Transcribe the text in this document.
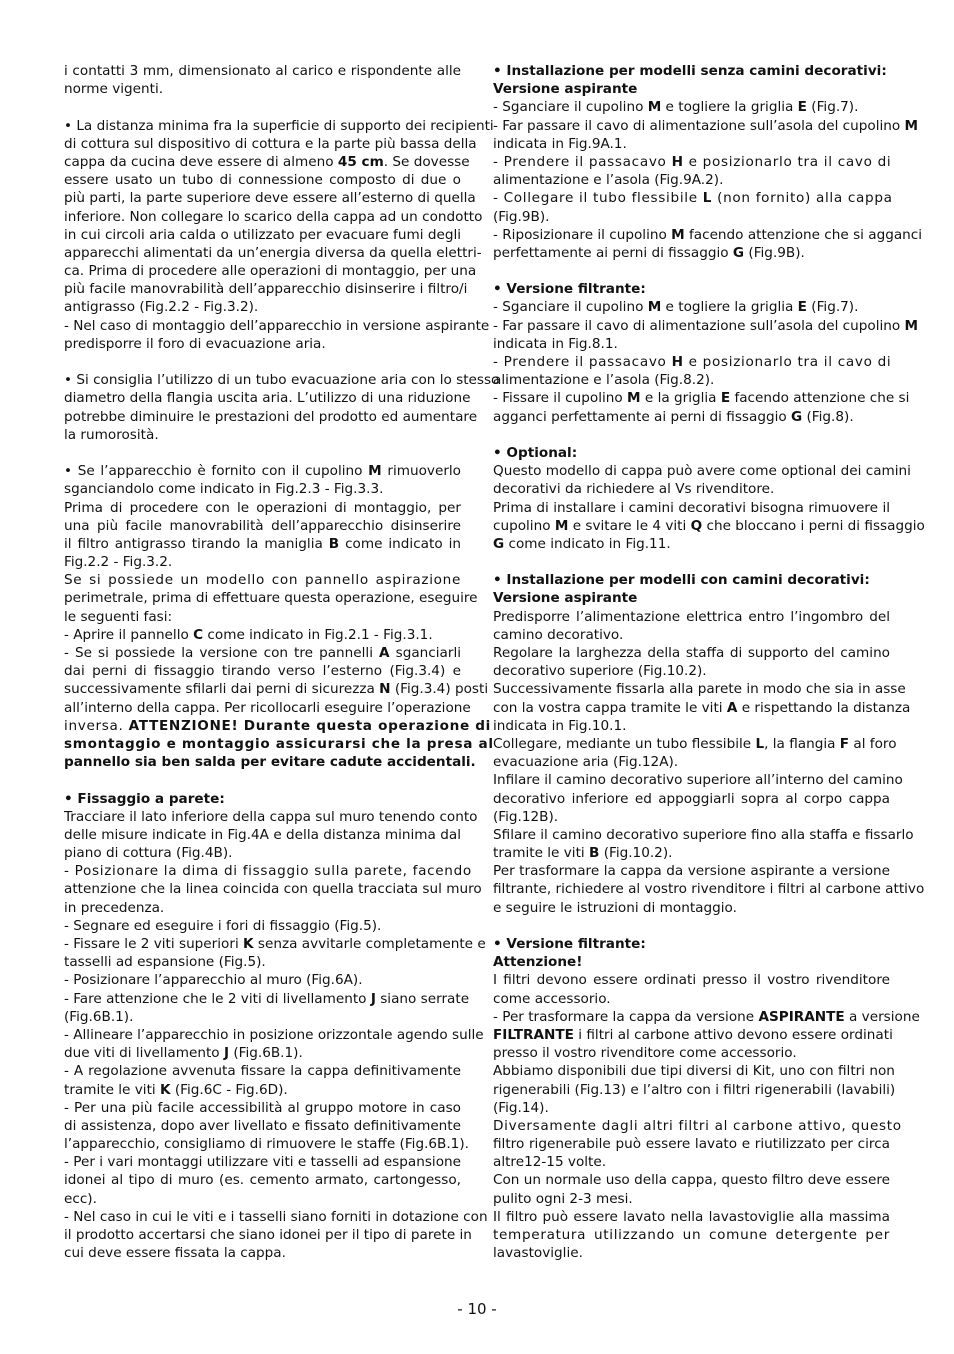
i contatti 3 mm, dimensionato al carico e rispondente alle
norme vigenti.
• La distanza minima fra la superficie di supporto dei recipienti
di cottura sul dispositivo di cottura e la parte più bassa della
cappa da cucina deve essere di almeno 45 cm. Se dovesse
essere usato un tubo di connessione composto di due o
più parti, la parte superiore deve essere all’esterno di quella
inferiore. Non collegare lo scarico della cappa ad un condotto
in cui circoli aria calda o utilizzato per evacuare fumi degli
apparecchi alimentati da un’energia diversa da quella elettri-
ca. Prima di procedere alle operazioni di montaggio, per una
più facile manovrabilità dell’apparecchio disinserire i filtro/i
antigrasso (Fig.2.2 - Fig.3.2).
- Nel caso di montaggio dell’apparecchio in versione aspirante
predisporre il foro di evacuazione aria.
• Si consiglia l’utilizzo di un tubo evacuazione aria con lo stesso
diametro della flangia uscita aria. L’utilizzo di una riduzione
potrebbe diminuire le prestazioni del prodotto ed aumentare
la rumorosità.
• Se l’apparecchio è fornito con il cupolino M rimuoverlo
sganciandolo come indicato in Fig.2.3 - Fig.3.3.
Prima di procedere con le operazioni di montaggio, per
una più facile manovrabilità dell’apparecchio disinserire
il filtro antigrasso tirando la maniglia B come indicato in
Fig.2.2 - Fig.3.2.
Se si possiede un modello con pannello aspirazione
perimetrale, prima di effettuare questa operazione, eseguire
le seguenti fasi:
- Aprire il pannello C come indicato in Fig.2.1 - Fig.3.1.
- Se si possiede la versione con tre pannelli A sganciarli
dai perni di fissaggio tirando verso l’esterno (Fig.3.4) e
successivamente sfilarli dai perni di sicurezza N (Fig.3.4) posti
all’interno della cappa. Per ricollocarli eseguire l’operazione
inversa. ATTENZIONE! Durante questa operazione di
smontaggio e montaggio assicurarsi che la presa al
pannello sia ben salda per evitare cadute accidentali.
• Fissaggio a parete:
Tracciare il lato inferiore della cappa sul muro tenendo conto
delle misure indicate in Fig.4A e della distanza minima dal
piano di cottura (Fig.4B).
- Posizionare la dima di fissaggio sulla parete, facendo
attenzione che la linea coincida con quella tracciata sul muro
in precedenza.
- Segnare ed eseguire i fori di fissaggio (Fig.5).
- Fissare le 2 viti superiori K senza avvitarle completamente e
tasselli ad espansione (Fig.5).
- Posizionare l’apparecchio al muro (Fig.6A).
- Fare attenzione che le 2 viti di livellamento J siano serrate
(Fig.6B.1).
- Allineare l’apparecchio in posizione orizzontale agendo sulle
due viti di livellamento J (Fig.6B.1).
- A regolazione avvenuta fissare la cappa definitivamente
tramite le viti K (Fig.6C - Fig.6D).
- Per una più facile accessibilità al gruppo motore in caso
di assistenza, dopo aver livellato e fissato definitivamente
l’apparecchio, consigliamo di rimuovere le staffe (Fig.6B.1).
- Per i vari montaggi utilizzare viti e tasselli ad espansione
idonei al tipo di muro (es. cemento armato, cartongesso,
ecc).
- Nel caso in cui le viti e i tasselli siano forniti in dotazione con
il prodotto accertarsi che siano idonei per il tipo di parete in
cui deve essere fissata la cappa.
• Installazione per modelli senza camini decorativi:
Versione aspirante
- Sganciare il cupolino M e togliere la griglia E (Fig.7).
- Far passare il cavo di alimentazione sull’asola del cupolino M
indicata in Fig.9A.1.
- Prendere il passacavo H e posizionarlo tra il cavo di
alimentazione e l’asola (Fig.9A.2).
- Collegare il tubo flessibile L (non fornito) alla cappa
(Fig.9B).
- Riposizionare il cupolino M facendo attenzione che si agganci
perfettamente ai perni di fissaggio G (Fig.9B).
• Versione filtrante:
- Sganciare il cupolino M e togliere la griglia E (Fig.7).
- Far passare il cavo di alimentazione sull’asola del cupolino M
indicata in Fig.8.1.
- Prendere il passacavo H e posizionarlo tra il cavo di
alimentazione e l’asola (Fig.8.2).
- Fissare il cupolino M e la griglia E facendo attenzione che si
agganci perfettamente ai perni di fissaggio G (Fig.8).
• Optional:
Questo modello di cappa può avere come optional dei camini
decorativi da richiedere al Vs rivenditore.
Prima di installare i camini decorativi bisogna rimuovere il
cupolino M e svitare le 4 viti Q che bloccano i perni di fissaggio
G come indicato in Fig.11.
• Installazione per modelli con camini decorativi:
Versione aspirante
Predisporre l’alimentazione elettrica entro l’ingombro del
camino decorativo.
Regolare la larghezza della staffa di supporto del camino
decorativo superiore (Fig.10.2).
Successivamente fissarla alla parete in modo che sia in asse
con la vostra cappa tramite le viti A e rispettando la distanza
indicata in Fig.10.1.
Collegare, mediante un tubo flessibile L, la flangia F al foro
evacuazione aria (Fig.12A).
Infilare il camino decorativo superiore all’interno del camino
decorativo inferiore ed appoggiarli sopra al corpo cappa
(Fig.12B).
Sfilare il camino decorativo superiore fino alla staffa e fissarlo
tramite le viti B (Fig.10.2).
Per trasformare la cappa da versione aspirante a versione
filtrante, richiedere al vostro rivenditore i filtri al carbone attivo
e seguire le istruzioni di montaggio.
• Versione filtrante:
Attenzione!
I filtri devono essere ordinati presso il vostro rivenditore
come accessorio.
- Per trasformare la cappa da versione ASPIRANTE a versione
FILTRANTE i filtri al carbone attivo devono essere ordinati
presso il vostro rivenditore come accessorio.
Abbiamo disponibili due tipi diversi di Kit, uno con filtri non
rigenerabili (Fig.13) e l’altro con i filtri rigenerabili (lavabili)
(Fig.14).
Diversamente dagli altri filtri al carbone attivo, questo
filtro rigenerabile può essere lavato e riutilizzato per circa
altre12-15 volte.
Con un normale uso della cappa, questo filtro deve essere
pulito ogni 2-3 mesi.
Il filtro può essere lavato nella lavastoviglie alla massima
temperatura utilizzando un comune detergente per
lavastoviglie.
- 10 -
